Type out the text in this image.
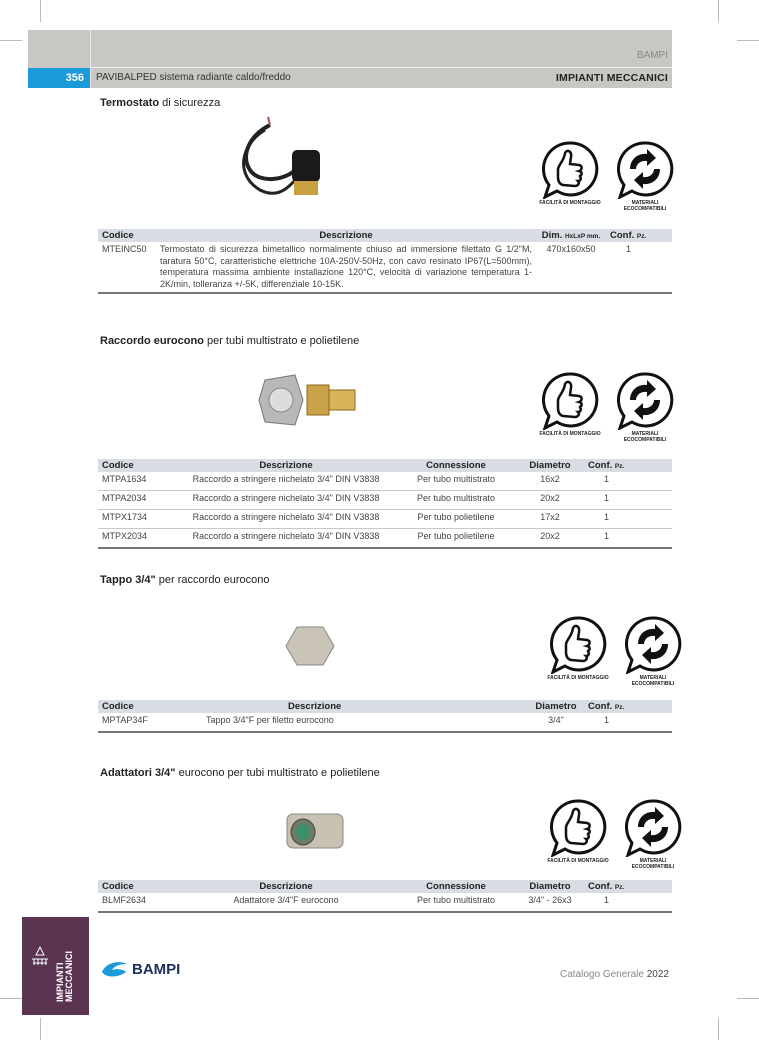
BAMPI
356	PAVIBALPED sistema radiante caldo/freddo	IMPIANTI MECCANICI
Termostato di sicurezza
FACILITÀ DI MONTAGGIO	MATERIALI ECOCOMPATIBILI
Codice	Descrizione	Dim. HxLxP mm.	Conf. Pz.
MTEINC50	Termostato di sicurezza bimetallico normalmente chiuso ad immersione filettato G 1/2"M, taratura 50°C, caratteristiche elettriche 10A-250V-50Hz, con cavo resinato IP67(L=500mm), temperatura massima ambiente installazione 120°C, velocità di variazione temperatura 1-2K/min, tolleranza +/-5K, differenziale 10-15K.	470x160x50	1
Raccordo eurocono per tubi multistrato e polietilene
FACILITÀ DI MONTAGGIO	MATERIALI ECOCOMPATIBILI
Codice	Descrizione	Connessione	Diametro	Conf. Pz.
MTPA1634	Raccordo a stringere nichelato 3/4" DIN V3838	Per tubo multistrato	16x2	1
MTPA2034	Raccordo a stringere nichelato 3/4" DIN V3838	Per tubo multistrato	20x2	1
MTPX1734	Raccordo a stringere nichelato 3/4" DIN V3838	Per tubo polietilene	17x2	1
MTPX2034	Raccordo a stringere nichelato 3/4" DIN V3838	Per tubo polietilene	20x2	1
Tappo 3/4" per raccordo eurocono
FACILITÀ DI MONTAGGIO	MATERIALI ECOCOMPATIBILI
Codice	Descrizione	Diametro	Conf. Pz.
MPTAP34F	Tappo 3/4"F per filetto eurocono	3/4"	1
Adattatori 3/4" eurocono per tubi multistrato e polietilene
FACILITÀ DI MONTAGGIO	MATERIALI ECOCOMPATIBILI
Codice	Descrizione	Connessione	Diametro	Conf. Pz.
BLMF2634	Adattatore 3/4"F eurocono	Per tubo multistrato	3/4" - 26x3	1
IMPIANTI MECCANICI	BAMPI	Catalogo Generale 2022
